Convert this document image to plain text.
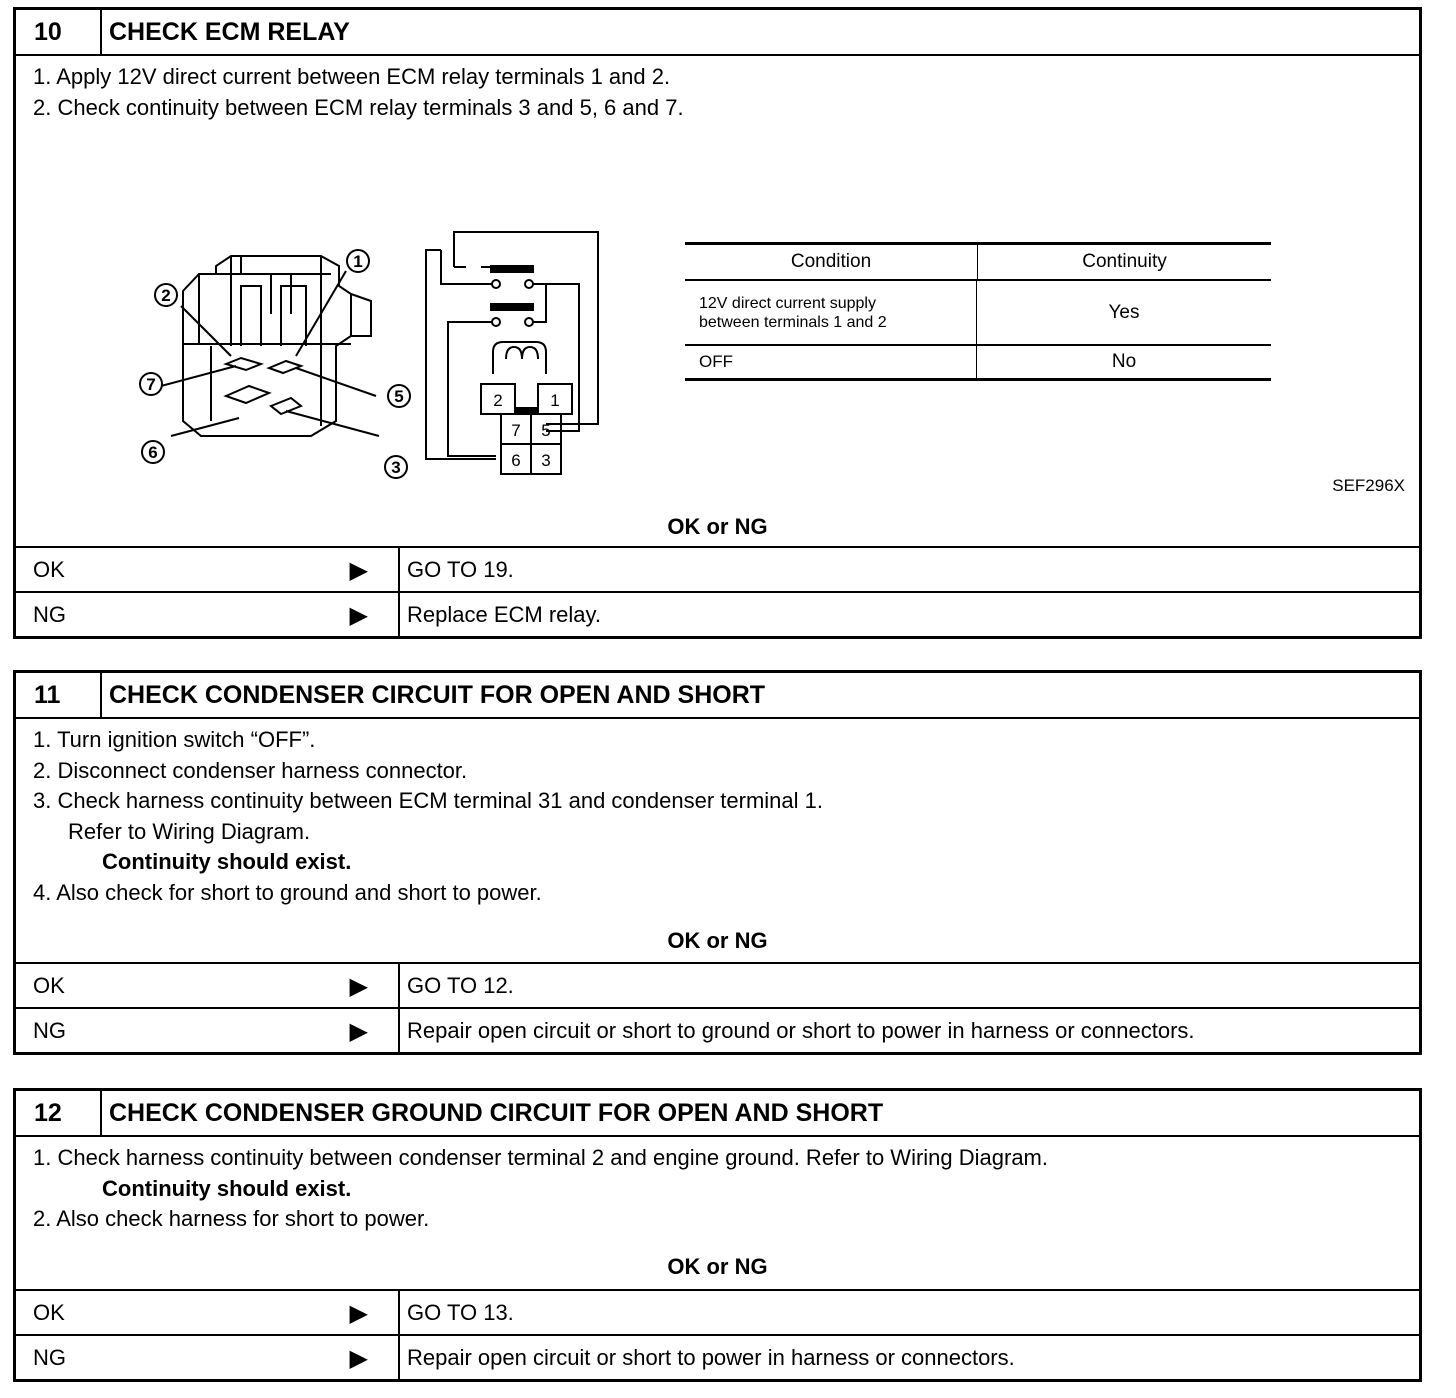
10	CHECK ECM RELAY
1. Apply 12V direct current between ECM relay terminals 1 and 2.
2. Check continuity between ECM relay terminals 3 and 5, 6 and 7.
1
2
3
5
6
7
2	1
7 5
6 3
Condition	Continuity
12V direct current supply
between terminals 1 and 2	Yes
OFF	No
SEF296X
OK or NG
OK	▶	GO TO 19.
NG	▶	Replace ECM relay.
11	CHECK CONDENSER CIRCUIT FOR OPEN AND SHORT
1. Turn ignition switch “OFF”.
2. Disconnect condenser harness connector.
3. Check harness continuity between ECM terminal 31 and condenser terminal 1.
Refer to Wiring Diagram.
Continuity should exist.
4. Also check for short to ground and short to power.
OK or NG
OK	▶	GO TO 12.
NG	▶	Repair open circuit or short to ground or short to power in harness or connectors.
12	CHECK CONDENSER GROUND CIRCUIT FOR OPEN AND SHORT
1. Check harness continuity between condenser terminal 2 and engine ground. Refer to Wiring Diagram.
Continuity should exist.
2. Also check harness for short to power.
OK or NG
OK	▶	GO TO 13.
NG	▶	Repair open circuit or short to power in harness or connectors.
